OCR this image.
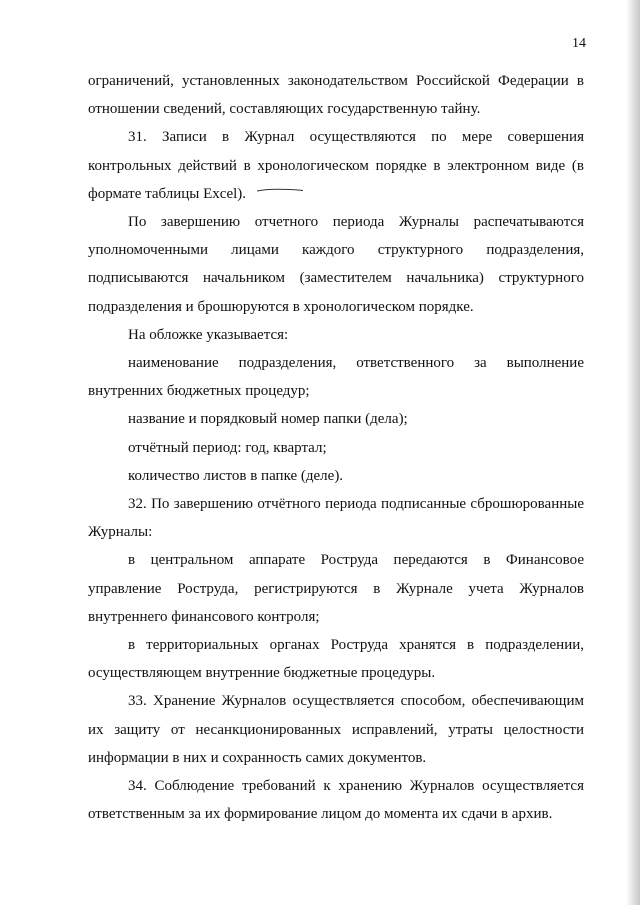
14

ограничений, установленных законодательством Российской Федерации в отношении сведений, составляющих государственную тайну.

31. Записи в Журнал осуществляются по мере совершения контрольных действий в хронологическом порядке в электронном виде (в формате таблицы Excel).

По завершению отчетного периода Журналы распечатываются уполномоченными лицами каждого структурного подразделения, подписываются начальником (заместителем начальника) структурного подразделения и брошюруются в хронологическом порядке.

На обложке указывается:

наименование подразделения, ответственного за выполнение внутренних бюджетных процедур;

название и порядковый номер папки (дела);

отчётный период: год, квартал;

количество листов в папке (деле).

32. По завершению отчётного периода подписанные сброшюрованные Журналы:

в центральном аппарате Роструда передаются в Финансовое управление Роструда, регистрируются в Журнале учета Журналов внутреннего финансового контроля;

в территориальных органах Роструда хранятся в подразделении, осуществляющем внутренние бюджетные процедуры.

33. Хранение Журналов осуществляется способом, обеспечивающим их защиту от несанкционированных исправлений, утраты целостности информации в них и сохранность самих документов.

34. Соблюдение требований к хранению Журналов осуществляется ответственным за их формирование лицом до момента их сдачи в архив.
